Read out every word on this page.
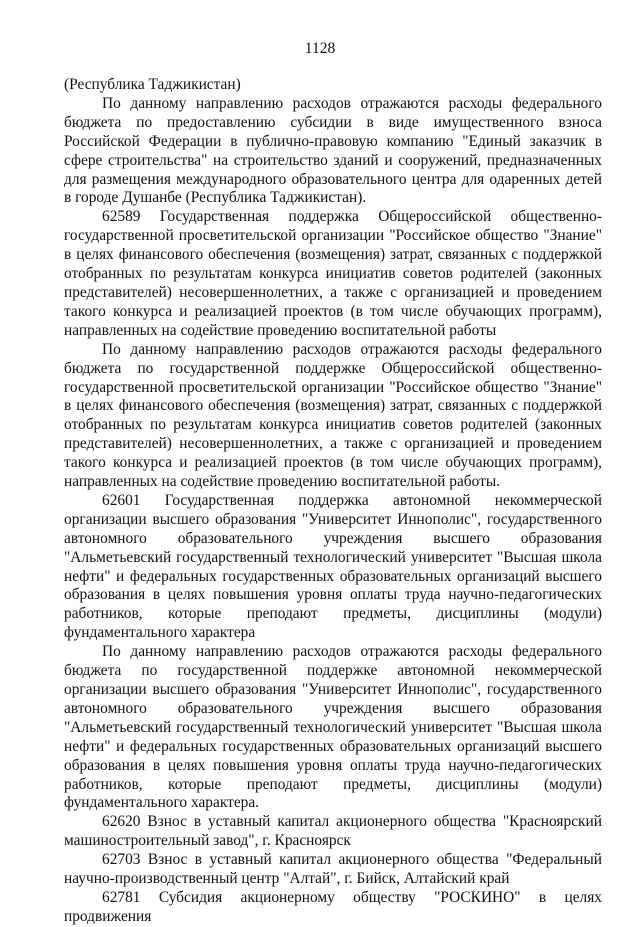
1128

(Республика Таджикистан)

По данному направлению расходов отражаются расходы федерального бюджета по предоставлению субсидии в виде имущественного взноса Российской Федерации в публично-правовую компанию "Единый заказчик в сфере строительства" на строительство зданий и сооружений, предназначенных для размещения международного образовательного центра для одаренных детей в городе Душанбе (Республика Таджикистан).

62589 Государственная поддержка Общероссийской общественно-государственной просветительской организации "Российское общество "Знание" в целях финансового обеспечения (возмещения) затрат, связанных с поддержкой отобранных по результатам конкурса инициатив советов родителей (законных представителей) несовершеннолетних, а также с организацией и проведением такого конкурса и реализацией проектов (в том числе обучающих программ), направленных на содействие проведению воспитательной работы

По данному направлению расходов отражаются расходы федерального бюджета по государственной поддержке Общероссийской общественно-государственной просветительской организации "Российское общество "Знание" в целях финансового обеспечения (возмещения) затрат, связанных с поддержкой отобранных по результатам конкурса инициатив советов родителей (законных представителей) несовершеннолетних, а также с организацией и проведением такого конкурса и реализацией проектов (в том числе обучающих программ), направленных на содействие проведению воспитательной работы.

62601 Государственная поддержка автономной некоммерческой организации высшего образования "Университет Иннополис", государственного автономного образовательного учреждения высшего образования "Альметьевский государственный технологический университет "Высшая школа нефти" и федеральных государственных образовательных организаций высшего образования в целях повышения уровня оплаты труда научно-педагогических работников, которые преподают предметы, дисциплины (модули) фундаментального характера

По данному направлению расходов отражаются расходы федерального бюджета по государственной поддержке автономной некоммерческой организации высшего образования "Университет Иннополис", государственного автономного образовательного учреждения высшего образования "Альметьевский государственный технологический университет "Высшая школа нефти" и федеральных государственных образовательных организаций высшего образования в целях повышения уровня оплаты труда научно-педагогических работников, которые преподают предметы, дисциплины (модули) фундаментального характера.

62620 Взнос в уставный капитал акционерного общества "Красноярский машиностроительный завод", г. Красноярск

62703 Взнос в уставный капитал акционерного общества "Федеральный научно-производственный центр "Алтай", г. Бийск, Алтайский край

62781 Субсидия акционерному обществу "РОСКИНО" в целях продвижения
